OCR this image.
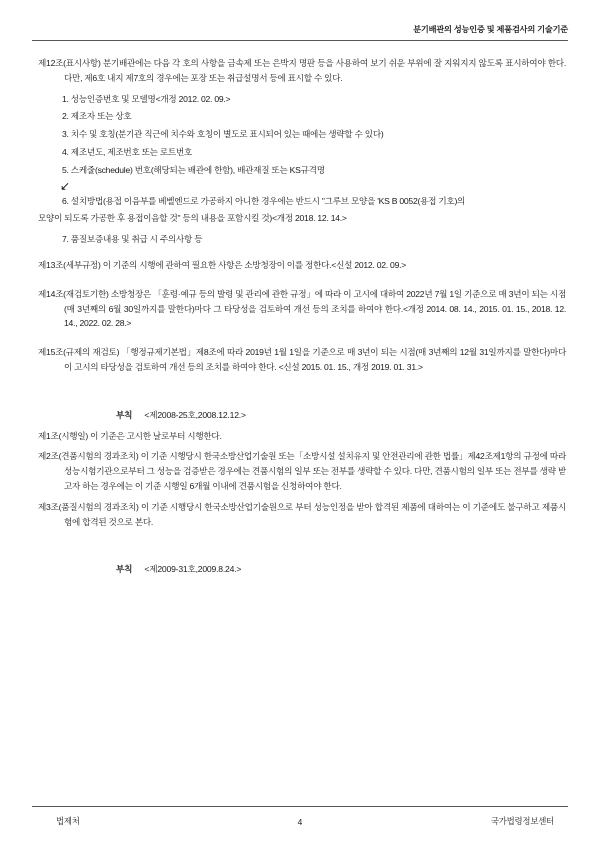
분기배관의 성능인증 및 제품검사의 기술기준
제12조(표시사항) 분기배관에는 다음 각 호의 사항을 금속제 또는 은박지 명판 등을 사용하여 보기 쉬운 부위에 잘 지워지지 않도록 표시하여야 한다. 다만, 제6호 내지 제7호의 경우에는 포장 또는 취급설명서 등에 표시할 수 있다.
1. 성능인증번호 및 모델명<개정 2012. 02. 09.>
2. 제조자 또는 상호
3. 치수 및 호칭(분기관 직근에 치수와 호칭이 별도로 표시되어 있는 때에는 생략할 수 있다)
4. 제조년도, 제조번호 또는 로트번호
5. 스케줄(schedule) 번호(해당되는 배관에 한함), 배관재질 또는 KS규격명
↙
6. 설치방법(용접 이음부를 베벨엔드로 가공하지 아니한 경우에는 반드시 "그루브 모양을 'KS B 0052(용접 기호)의
모양이 되도록 가공한 후 용접이음할 것" 등의 내용을 포함시킬 것)<개정 2018. 12. 14.>
7. 품질보증내용 및 취급 시 주의사항 등
제13조(세부규정) 이 기준의 시행에 관하여 필요한 사항은 소방청장이 이를 정한다.<신설 2012. 02. 09.>
제14조(재검토기한) 소방청장은 「훈령·예규 등의 발령 및 관리에 관한 규정」에 따라 이 고시에 대하여 2022년 7월 1일 기준으로 매 3년이 되는 시점(매 3년째의 6월 30일까지를 말한다)마다 그 타당성을 검토하여 개선 등의 조치를 하여야 한다.<개정 2014. 08. 14., 2015. 01. 15., 2018. 12. 14., 2022. 02. 28.>
제15조(규제의 재검토) 「행정규제기본법」제8조에 따라 2019년 1월 1일을 기준으로 매 3년이 되는 시점(매 3년째의 12월 31일까지를 말한다)마다 이 고시의 타당성을 검토하여 개선 등의 조치를 하여야 한다. <신설 2015. 01. 15., 개정 2019. 01. 31.>
부칙 <제2008-25호,2008.12.12.>
제1조(시행일) 이 기준은 고시한 날로부터 시행한다.
제2조(견품시험의 경과조치) 이 기준 시행당시 한국소방산업기술원 또는「소방시설 설치유지 및 안전관리에 관한 법률」제42조제1항의 규정에 따라 성능시험기관으로부터 그 성능을 검증받은 경우에는 견품시험의 일부 또는 전부를 생략할 수 있다. 다만, 견품시험의 일부 또는 전부를 생략 받고자 하는 경우에는 이 기준 시행일 6개월 이내에 견품시험을 신청하여야 한다.
제3조(품질시험의 경과조치) 이 기준 시행당시 한국소방산업기술원으로 부터 성능인정을 받아 합격된 제품에 대하여는 이 기준에도 불구하고 제품시험에 합격된 것으로 본다.
부칙 <제2009-31호,2009.8.24.>
법제처	국가법령정보센터
4
